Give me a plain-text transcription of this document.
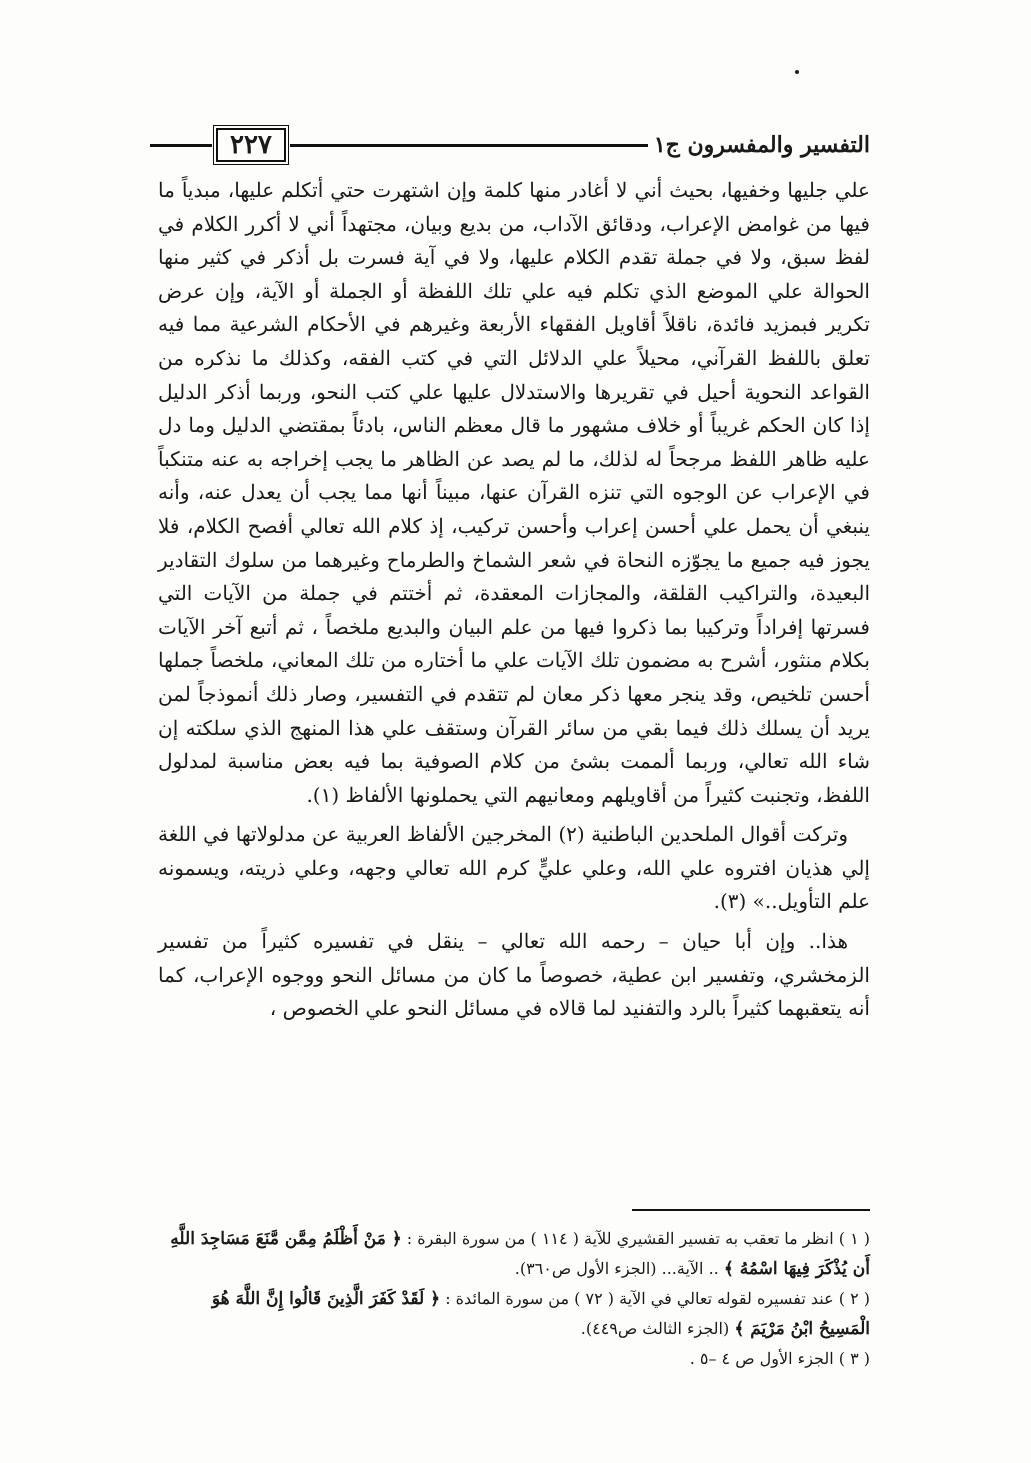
٢٢٧	التفسير والمفسرون ج١

علي جليها وخفيها، بحيث أني لا أغادر منها كلمة وإن اشتهرت حتي أتكلم عليها، مبدياً ما فيها من غوامض الإعراب، ودقائق الآداب، من بديع وبيان، مجتهداً أني لا أكرر الكلام في لفظ سبق، ولا في جملة تقدم الكلام عليها، ولا في آية فسرت بل أذكر في كثير منها الحوالة علي الموضع الذي تكلم فيه علي تلك اللفظة أو الجملة أو الآية، وإن عرض تكرير فبمزيد فائدة، ناقلاً أقاويل الفقهاء الأربعة وغيرهم في الأحكام الشرعية مما فيه تعلق باللفظ القرآني، محيلاً علي الدلائل التي في كتب الفقه، وكذلك ما نذكره من القواعد النحوية أحيل في تقريرها والاستدلال عليها علي كتب النحو، وربما أذكر الدليل إذا كان الحكم غريباً أو خلاف مشهور ما قال معظم الناس، بادئاً بمقتضي الدليل وما دل عليه ظاهر اللفظ مرجحاً له لذلك، ما لم يصد عن الظاهر ما يجب إخراجه به عنه متنكباً في الإعراب عن الوجوه التي تنزه القرآن عنها، مبيناً أنها مما يجب أن يعدل عنه، وأنه ينبغي أن يحمل علي أحسن إعراب وأحسن تركيب، إذ كلام الله تعالي أفصح الكلام، فلا يجوز فيه جميع ما يجوّزه النحاة في شعر الشماخ والطرماح وغيرهما من سلوك التقادير البعيدة، والتراكيب القلقة، والمجازات المعقدة، ثم أختتم في جملة من الآيات التي فسرتها إفراداً وتركيبا بما ذكروا فيها من علم البيان والبديع ملخصاً ، ثم أتبع آخر الآيات بكلام منثور، أشرح به مضمون تلك الآيات علي ما أختاره من تلك المعاني، ملخصاً جملها أحسن تلخيص، وقد ينجر معها ذكر معان لم تتقدم في التفسير، وصار ذلك أنموذجاً لمن يريد أن يسلك ذلك فيما بقي من سائر القرآن وستقف علي هذا المنهج الذي سلكته إن شاء الله تعالي، وربما ألممت بشئ من كلام الصوفية بما فيه بعض مناسبة لمدلول اللفظ، وتجنبت كثيراً من أقاويلهم ومعانيهم التي يحملونها الألفاظ (١).

وتركت أقوال الملحدين الباطنية (٢) المخرجين الألفاظ العربية عن مدلولاتها في اللغة إلي هذيان افتروه علي الله، وعلي عليٍّ كرم الله تعالي وجهه، وعلي ذريته، ويسمونه علم التأويل..» (٣).

هذا.. وإن أبا حيان – رحمه الله تعالي – ينقل في تفسيره كثيراً من تفسير الزمخشري، وتفسير ابن عطية، خصوصاً ما كان من مسائل النحو ووجوه الإعراب، كما أنه يتعقبهما كثيراً بالرد والتفنيد لما قالاه في مسائل النحو علي الخصوص ،

( ١ ) انظر ما تعقب به تفسير القشيري للآية ( ١١٤ ) من سورة البقرة : ﴿ مَنْ أَظْلَمُ مِمَّن مَّنَعَ مَسَاجِدَ اللَّهِ أَن يُذْكَرَ فِيهَا اسْمُهُ ﴾ .. الآية... (الجزء الأول ص٣٦٠).

( ٢ ) عند تفسيره لقوله تعالي في الآية ( ٧٢ ) من سورة المائدة : ﴿ لَقَدْ كَفَرَ الَّذِينَ قَالُوا إِنَّ اللَّهَ هُوَ الْمَسِيحُ ابْنُ مَرْيَمَ ﴾ (الجزء الثالث ص٤٤٩).

( ٣ ) الجزء الأول ص ٤ –٥ .
